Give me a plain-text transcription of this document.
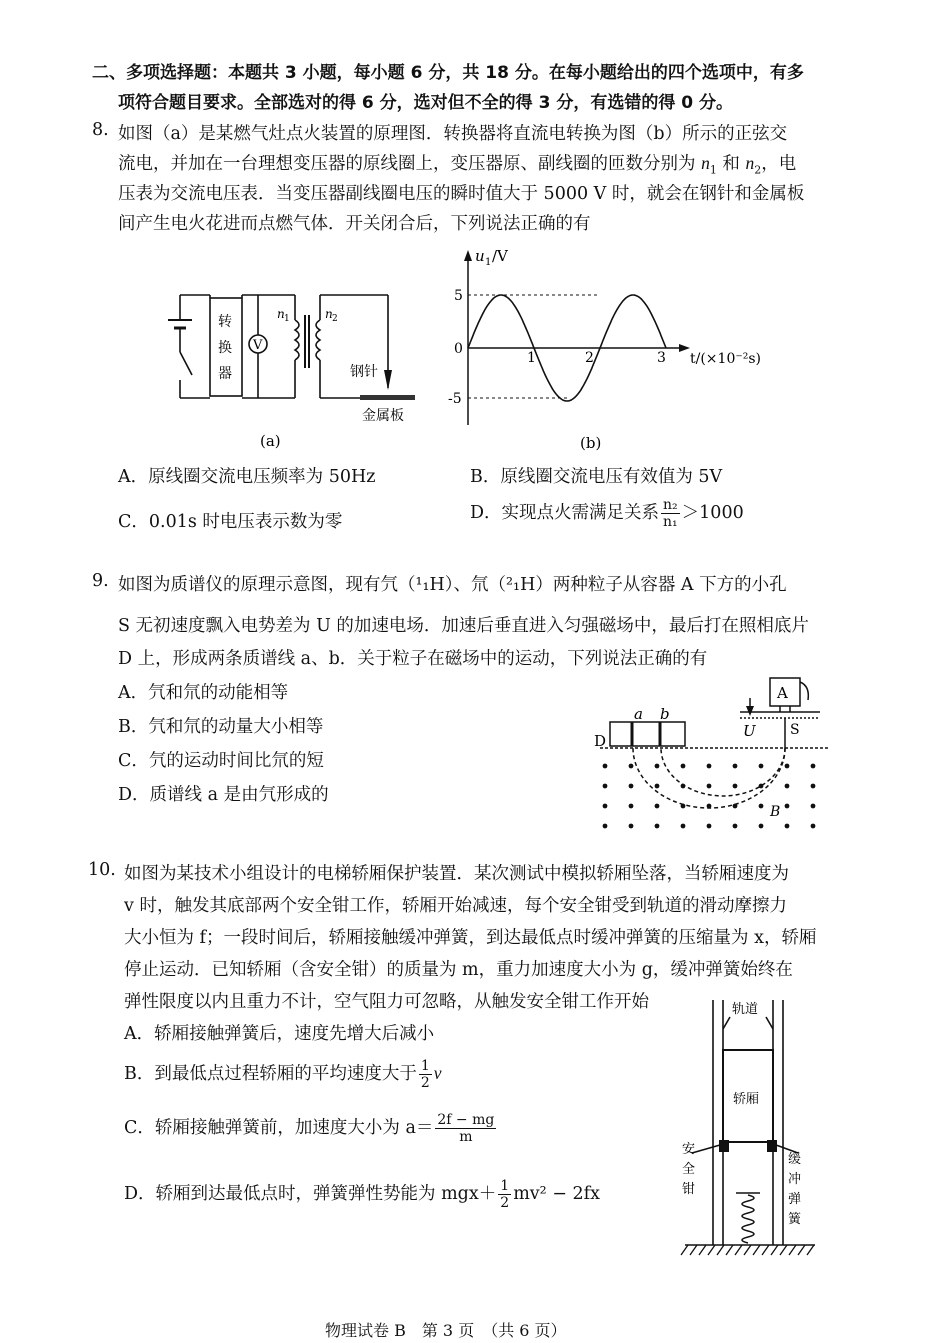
二、多项选择题：本题共 3 小题，每小题 6 分，共 18 分。在每小题给出的四个选项中，有多
项符合题目要求。全部选对的得 6 分，选对但不全的得 3 分，有选错的得 0 分。
8. 如图（a）是某燃气灶点火装置的原理图．转换器将直流电转换为图（b）所示的正弦交
流电，并加在一台理想变压器的原线圈上，变压器原、副线圈的匝数分别为 $n_1$ 和 $n_2$，电
压表为交流电压表．当变压器副线圈电压的瞬时值大于 5000 V 时，就会在钢针和金属板
间产生电火花进而点燃气体．开关闭合后，下列说法正确的有
转
换
器
V
n 1	n 2
钢针
金属板
(a)
u 1 /V
5
0
-5
1	2	3 t/(×10⁻²s)
(b)
A．原线圈交流电压频率为 50Hz	B．原线圈交流电压有效值为 5V
C．0.01s 时电压表示数为零	D．实现点火需满足关系 $\frac{\text{n₂}}{\text{n₁}} >1000$
9. 如图为质谱仪的原理示意图，现有氕（¹₁H）、氘（²₁H）两种粒子从容器 A 下方的小孔
S 无初速度飘入电势差为 U 的加速电场．加速后垂直进入匀强磁场中，最后打在照相底片
D 上，形成两条质谱线 a、b．关于粒子在磁场中的运动，下列说法正确的有
A．氕和氘的动能相等
B．氕和氘的动量大小相等
C．氕的运动时间比氘的短
D．质谱线 a 是由氕形成的
A
U S
D
a b
B
10. 如图为某技术小组设计的电梯轿厢保护装置．某次测试中模拟轿厢坠落，当轿厢速度为
v 时，触发其底部两个安全钳工作，轿厢开始减速，每个安全钳受到轨道的滑动摩擦力
大小恒为 f；一段时间后，轿厢接触缓冲弹簧，到达最低点时缓冲弹簧的压缩量为 x，轿厢
停止运动．已知轿厢（含安全钳）的质量为 m，重力加速度大小为 g，缓冲弹簧始终在
弹性限度以内且重力不计，空气阻力可忽略，从触发安全钳工作开始
A．轿厢接触弹簧后，速度先增大后减小
B．到最低点过程轿厢的平均速度大于 $\frac{1}{2}$ v
C．轿厢接触弹簧前，加速度大小为 $a= \frac{2f - mg}{m}$
D．轿厢到达最低点时，弹簧弹性势能为 $mgx+ \frac{1}{2} mv^2 - 2fx$
轨道
轿厢
安
全
钳
缓
冲
弹
簧
物理试卷 B　第 3 页　（共 6 页）
